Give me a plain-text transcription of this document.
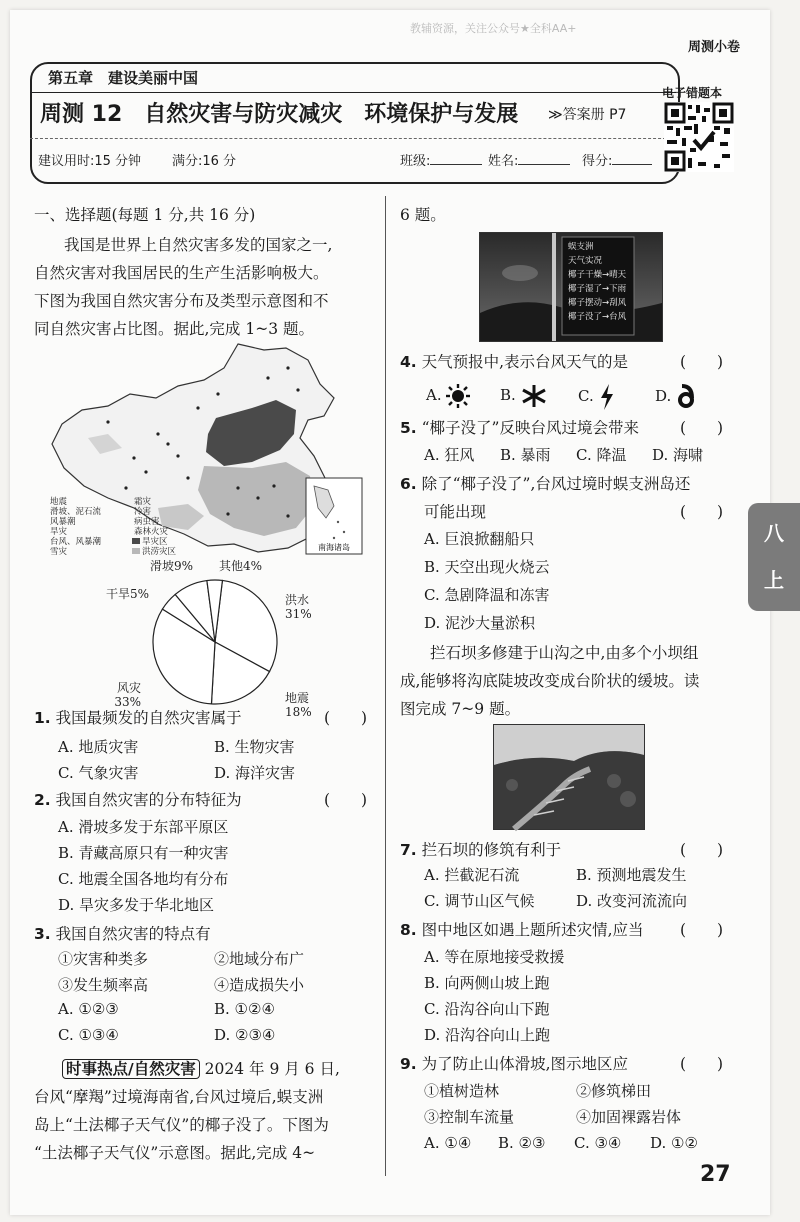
教辅资源，关注公众号★全科AA+
周测小卷
第五章　建设美丽中国
周测 12　自然灾害与防灾减灾　环境保护与发展 ≫答案册 P7
建议用时:15 分钟 满分:16 分	班级:	姓名:	得分:
电子错题本
八
上
一、选择题(每题 1 分,共 16 分)
我国是世界上自然灾害多发的国家之一,
自然灾害对我国居民的生产生活影响极大。
下图为我国自然灾害分布及类型示意图和不
同自然灾害占比图。据此,完成 1~3 题。
南海诸岛
地震
滑坡、泥石流
风暴潮
旱灾
台风、风暴潮
雪灾
霜灾
冷害
病虫害
森林火灾
旱灾区
洪涝灾区
洪水
31%
地震
18%
风灾
33%
干旱5%
滑坡9% 其他4%
1. 我国最频发的自然灾害属于	(　　)
A. 地质灾害	B. 生物灾害
C. 气象灾害	D. 海洋灾害
2. 我国自然灾害的分布特征为	(　　)
A. 滑坡多发于东部平原区
B. 青藏高原只有一种灾害
C. 地震全国各地均有分布
D. 旱灾多发于华北地区
3. 我国自然灾害的特点有
①灾害种类多	②地域分布广
③发生频率高	④造成损失小
A. ①②③	B. ①②④
C. ①③④	D. ②③④
时事热点/自然灾害 2024 年 9 月 6 日,
台风“摩羯”过境海南省,台风过境后,蜈支洲
岛上“土法椰子天气仪”的椰子没了。下图为
“土法椰子天气仪”示意图。据此,完成 4~
6 题。
蜈支洲
天气实况
椰子干燥→晴天
椰子湿了→下雨
椰子摆动→刮风
椰子没了→台风
4. 天气预报中,表示台风天气的是	(　　)
A.	B.	C.	D.
5. “椰子没了”反映台风过境会带来	(　　)
A. 狂风 B. 暴雨 C. 降温 D. 海啸
6. 除了“椰子没了”,台风过境时蜈支洲岛还
可能出现	(　　)
A. 巨浪掀翻船只
B. 天空出现火烧云
C. 急剧降温和冻害
D. 泥沙大量淤积
拦石坝多修建于山沟之中,由多个小坝组
成,能够将沟底陡坡改变成台阶状的缓坡。读
图完成 7~9 题。
7. 拦石坝的修筑有利于	(　　)
A. 拦截泥石流	B. 预测地震发生
C. 调节山区气候	D. 改变河流流向
8. 图中地区如遇上题所述灾情,应当 (　　)
A. 等在原地接受救援
B. 向两侧山坡上跑
C. 沿沟谷向山下跑
D. 沿沟谷向山上跑
9. 为了防止山体滑坡,图示地区应	(　　)
①植树造林	②修筑梯田
③控制车流量	④加固裸露岩体
A. ①④ B. ②③ C. ③④ D. ①②
27
